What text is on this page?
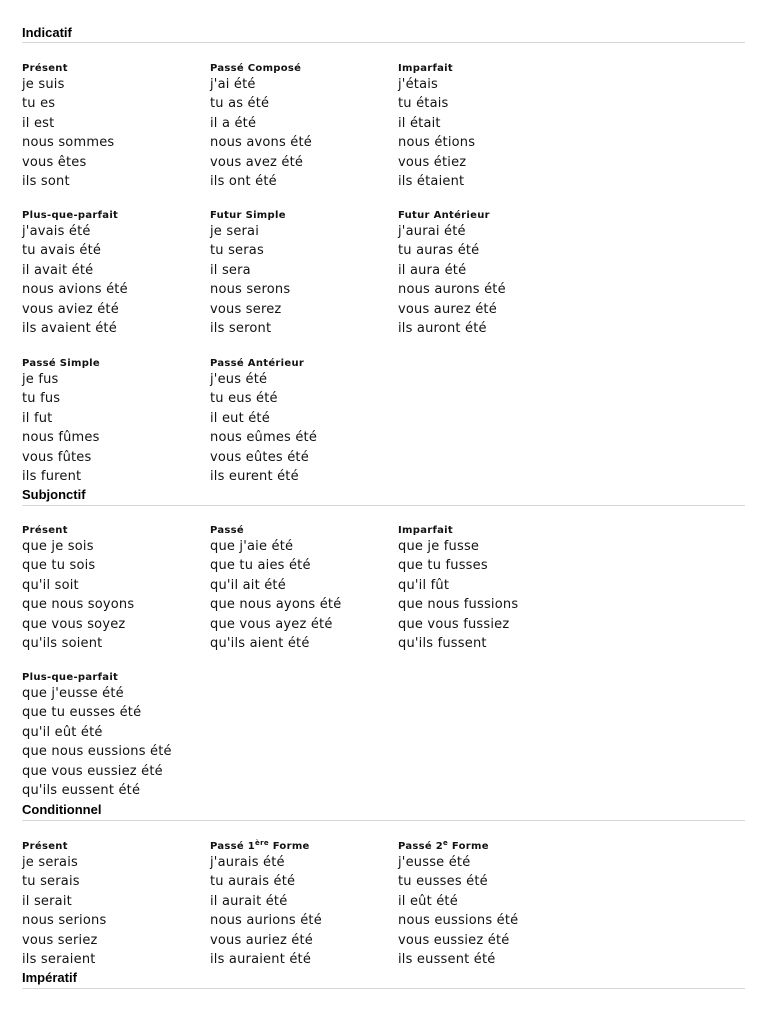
Indicatif
Présent
je suis
tu es
il est
nous sommes
vous êtes
ils sont
Passé Composé
j'ai été
tu as été
il a été
nous avons été
vous avez été
ils ont été
Imparfait
j'étais
tu étais
il était
nous étions
vous étiez
ils étaient
Plus-que-parfait
j'avais été
tu avais été
il avait été
nous avions été
vous aviez été
ils avaient été
Futur Simple
je serai
tu seras
il sera
nous serons
vous serez
ils seront
Futur Antérieur
j'aurai été
tu auras été
il aura été
nous aurons été
vous aurez été
ils auront été
Passé Simple
je fus
tu fus
il fut
nous fûmes
vous fûtes
ils furent
Passé Antérieur
j'eus été
tu eus été
il eut été
nous eûmes été
vous eûtes été
ils eurent été
Subjonctif
Présent
que je sois
que tu sois
qu'il soit
que nous soyons
que vous soyez
qu'ils soient
Passé
que j'aie été
que tu aies été
qu'il ait été
que nous ayons été
que vous ayez été
qu'ils aient été
Imparfait
que je fusse
que tu fusses
qu'il fût
que nous fussions
que vous fussiez
qu'ils fussent
Plus-que-parfait
que j'eusse été
que tu eusses été
qu'il eût été
que nous eussions été
que vous eussiez été
qu'ils eussent été
Conditionnel
Présent
je serais
tu serais
il serait
nous serions
vous seriez
ils seraient
Passé 1ère Forme
j'aurais été
tu aurais été
il aurait été
nous aurions été
vous auriez été
ils auraient été
Passé 2e Forme
j'eusse été
tu eusses été
il eût été
nous eussions été
vous eussiez été
ils eussent été
Impératif
